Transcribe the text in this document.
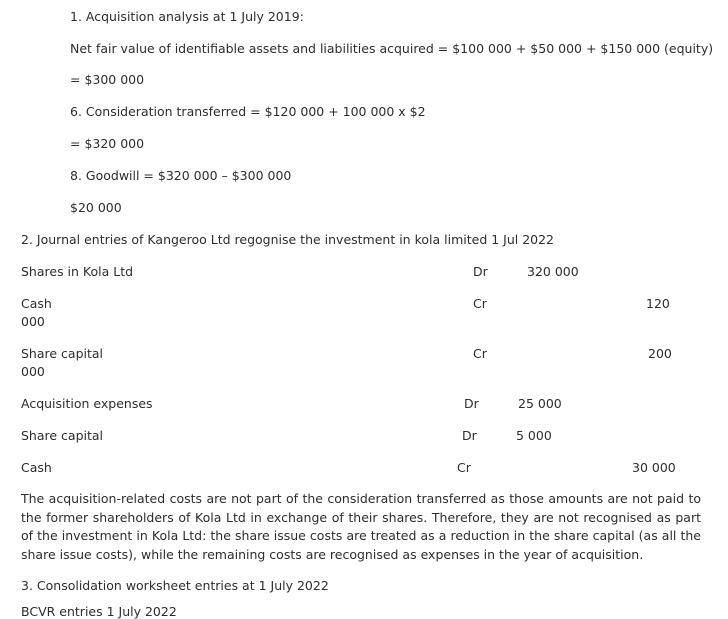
1. Acquisition analysis at 1 July 2019:
Net fair value of identifiable assets and liabilities acquired = $100 000 + $50 000 + $150 000 (equity)
= $300 000
6. Consideration transferred = $120 000 + 100 000 x $2
= $320 000
8. Goodwill = $320 000 – $300 000
$20 000
2. Journal entries of Kangeroo Ltd regognise the investment in kola limited 1 Jul 2022
Shares in Kola Ltd	Dr	320 000
Cash	Cr	120
000
Share capital	Cr	200
000
Acquisition expenses	Dr	25 000
Share capital	Dr	5 000
Cash	Cr	30 000
The acquisition-related costs are not part of the consideration transferred as those amounts are not paid to the former shareholders of Kola Ltd in exchange of their shares. Therefore, they are not recognised as part of the investment in Kola Ltd: the share issue costs are treated as a reduction in the share capital (as all the share issue costs), while the remaining costs are recognised as expenses in the year of acquisition.
3. Consolidation worksheet entries at 1 July 2022
BCVR entries 1 July 2022
